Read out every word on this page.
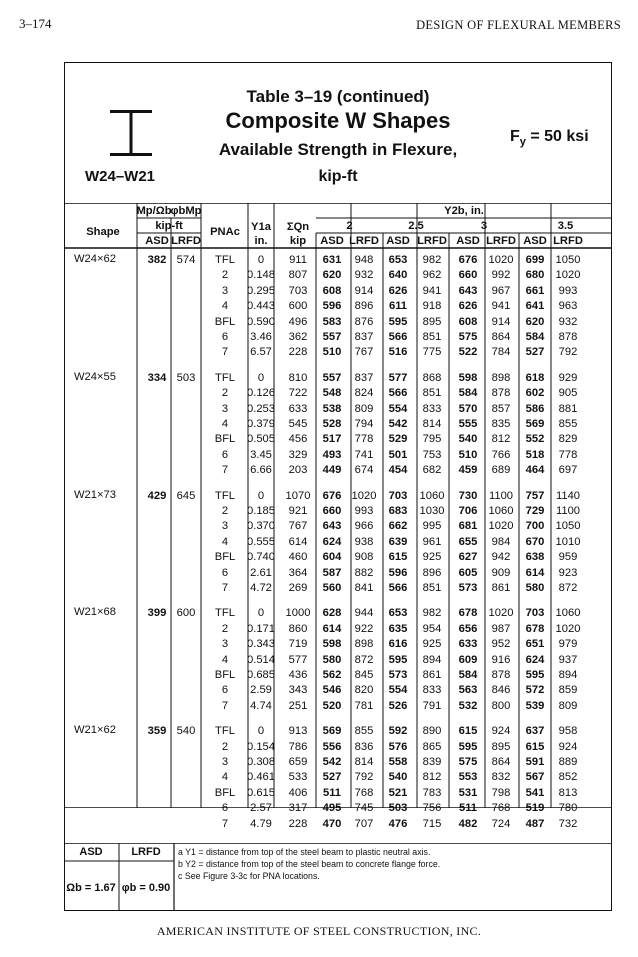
3–174	DESIGN OF FLEXURAL MEMBERS
W24–W21
Table 3–19 (continued)
Composite W Shapes
Available Strength in Flexure,
kip-ft
$F_y = 50$ ksi
Shape
Mp/Ωb
φbMp
kip-ft
ASD LRFD
PNAc Y1a
in.
ΣQn
kip
Y2b, in.
2	2.5	3	3.5
ASD LRFD ASD LRFD ASD LRFD ASD LRFD
W24×62	382 574 TFL 0 911 631 948 653 982 676 1020 699 1050
2 0.148 807 620 932 640 962 660 992 680 1020
3 0.295 703 608 914 626 941 643 967 661 993
4 0.443 600 596 896 611 918 626 941 641 963
BFL 0.590 496 583 876 595 895 608 914 620 932
6 3.46 362 557 837 566 851 575 864 584 878
7 6.57 228 510 767 516 775 522 784 527 792
W24×55	334 503 TFL 0 810 557 837 577 868 598 898 618 929
2 0.126 722 548 824 566 851 584 878 602 905
3 0.253 633 538 809 554 833 570 857 586 881
4 0.379 545 528 794 542 814 555 835 569 855
BFL 0.505 456 517 778 529 795 540 812 552 829
6 3.45 329 493 741 501 753 510 766 518 778
7 6.66 203 449 674 454 682 459 689 464 697
W21×73	429 645 TFL 0 1070 676 1020 703 1060 730 1100 757 1140
2 0.185 921 660 993 683 1030 706 1060 729 1100
3 0.370 767 643 966 662 995 681 1020 700 1050
4 0.555 614 624 938 639 961 655 984 670 1010
BFL 0.740 460 604 908 615 925 627 942 638 959
6 2.61 364 587 882 596 896 605 909 614 923
7 4.72 269 560 841 566 851 573 861 580 872
W21×68	399 600 TFL 0 1000 628 944 653 982 678 1020 703 1060
2 0.171 860 614 922 635 954 656 987 678 1020
3 0.343 719 598 898 616 925 633 952 651 979
4 0.514 577 580 872 595 894 609 916 624 937
BFL 0.685 436 562 845 573 861 584 878 595 894
6 2.59 343 546 820 554 833 563 846 572 859
7 4.74 251 520 781 526 791 532 800 539 809
W21×62	359 540 TFL 0 913 569 855 592 890 615 924 637 958
2 0.154 786 556 836 576 865 595 895 615 924
3 0.308 659 542 814 558 839 575 864 591 889
4 0.461 533 527 792 540 812 553 832 567 852
BFL 0.615 406 511 768 521 783 531 798 541 813
6 2.57 317 495 745 503 756 511 768 519 780
7 4.79 228 470 707 476 715 482 724 487 732
ASD	LRFD
Ωb = 1.67 φb = 0.90
a Y1 = distance from top of the steel beam to plastic neutral axis.
b Y2 = distance from top of the steel beam to concrete flange force.
c See Figure 3-3c for PNA locations.
AMERICAN INSTITUTE OF STEEL CONSTRUCTION, INC.
